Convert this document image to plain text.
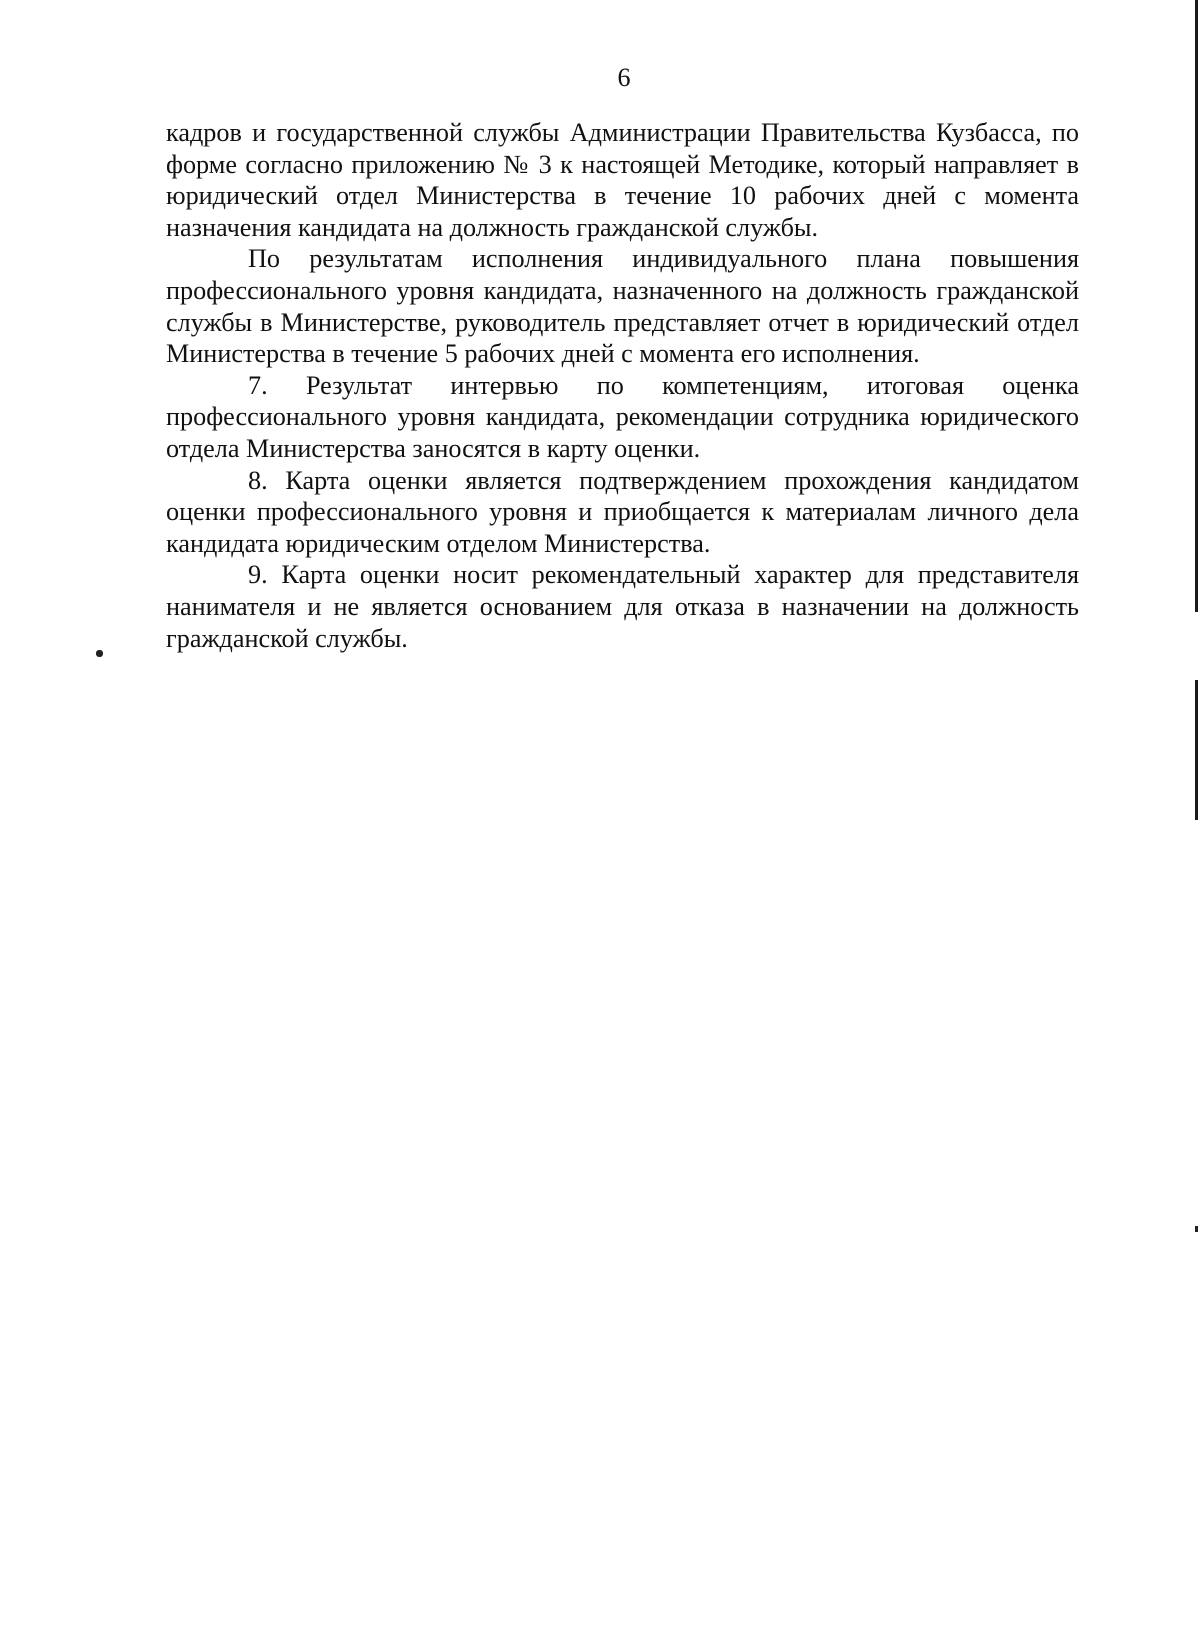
6

кадров и государственной службы Администрации Правительства Кузбасса, по форме согласно приложению № 3 к настоящей Методике, который направляет в юридический отдел Министерства в течение 10 рабочих дней с момента назначения кандидата на должность гражданской службы.

По результатам исполнения индивидуального плана повышения профессионального уровня кандидата, назначенного на должность гражданской службы в Министерстве, руководитель представляет отчет в юридический отдел Министерства в течение 5 рабочих дней с момента его исполнения.

7. Результат интервью по компетенциям, итоговая оценка профессионального уровня кандидата, рекомендации сотрудника юридического отдела Министерства заносятся в карту оценки.

8. Карта оценки является подтверждением прохождения кандидатом оценки профессионального уровня и приобщается к материалам личного дела кандидата юридическим отделом Министерства.

9. Карта оценки носит рекомендательный характер для представителя нанимателя и не является основанием для отказа в назначении на должность гражданской службы.
